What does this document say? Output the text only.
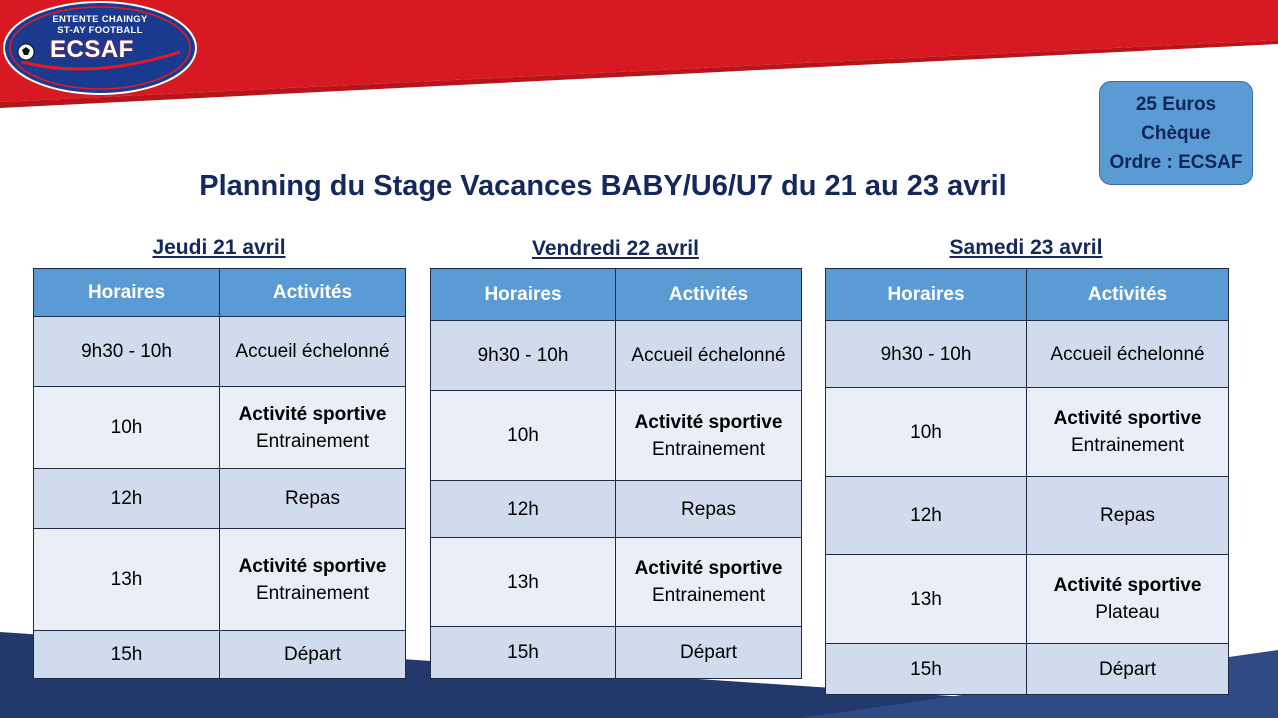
ENTENTE CHAINGY
ST-AY FOOTBALL
ECSAF
25 Euros
Chèque
Ordre : ECSAF
Planning du Stage Vacances BABY/U6/U7 du 21 au 23 avril
Jeudi 21 avril	Vendredi 22 avril	Samedi 23 avril
Horaires	Activités
9h30 - 10h	Accueil échelonné
10h	Activité sportive
Entrainement

12h	Repas
13h	Activité sportive
Entrainement

15h	Départ
Horaires	Activités
9h30 - 10h	Accueil échelonné
10h	Activité sportive
Entrainement

12h	Repas
13h	Activité sportive
Entrainement

15h	Départ
Horaires	Activités
9h30 - 10h	Accueil échelonné
10h	Activité sportive
Entrainement

12h	Repas
13h	Activité sportive
Plateau

15h	Départ
